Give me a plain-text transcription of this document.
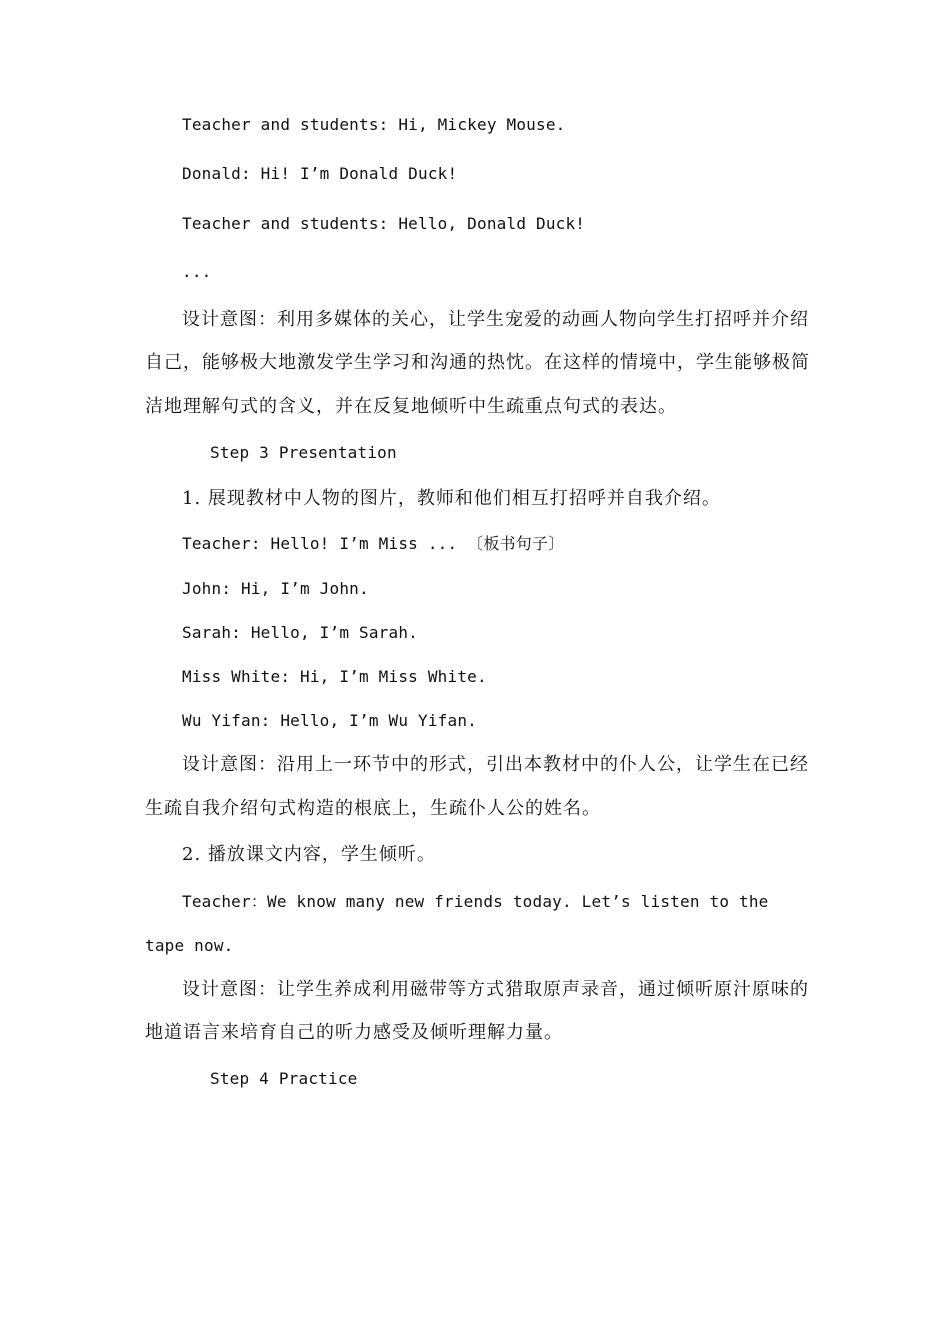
Teacher and students: Hi, Mickey Mouse.
Donald: Hi! I’m Donald Duck!
Teacher and students: Hello, Donald Duck!
...
设计意图：利用多媒体的关心，让学生宠爱的动画人物向学生打招呼并介绍
自己，能够极大地激发学生学习和沟通的热忱。在这样的情境中，学生能够极简
洁地理解句式的含义，并在反复地倾听中生疏重点句式的表达。
Step 3 Presentation
1. 展现教材中人物的图片，教师和他们相互打招呼并自我介绍。
Teacher: Hello! I’m Miss ... 〔板书句子〕
John: Hi, I’m John.
Sarah: Hello, I’m Sarah.
Miss White: Hi, I’m Miss White.
Wu Yifan: Hello, I’m Wu Yifan.
设计意图：沿用上一环节中的形式，引出本教材中的仆人公，让学生在已经
生疏自我介绍句式构造的根底上，生疏仆人公的姓名。
2. 播放课文内容，学生倾听。
Teacher：We know many new friends today. Let’s listen to the
tape now.
设计意图：让学生养成利用磁带等方式猎取原声录音，通过倾听原汁原味的
地道语言来培育自己的听力感受及倾听理解力量。
Step 4 Practice
